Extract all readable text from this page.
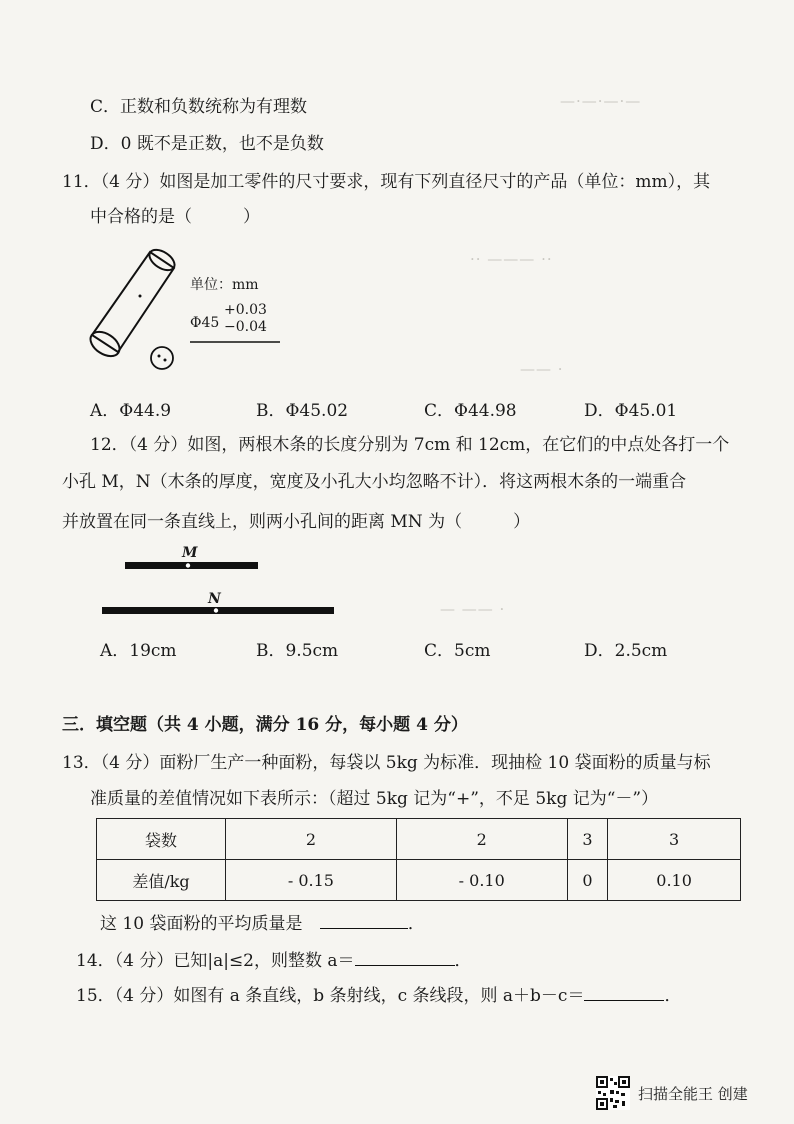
—·—·—·—
·· ——— ··
—— ·
— —— ·
C．正数和负数统称为有理数
D．0 既不是正数，也不是负数
11．（4 分）如图是加工零件的尺寸要求，现有下列直径尺寸的产品（单位：mm），其
中合格的是（　　　）
单位：mm
Φ45
+0.03
−0.04
A．Φ44.9	B．Φ45.02	C．Φ44.98	D．Φ45.01
12．（4 分）如图，两根木条的长度分别为 7cm 和 12cm，在它们的中点处各打一个
小孔 M，N（木条的厚度，宽度及小孔大小均忽略不计）．将这两根木条的一端重合
并放置在同一条直线上，则两小孔间的距离 MN 为（　　　）
M
N
A．19cm	B．9.5cm	C．5cm	D．2.5cm
三．填空题（共 4 小题，满分 16 分，每小题 4 分）
13．（4 分）面粉厂生产一种面粉，每袋以 5kg 为标准．现抽检 10 袋面粉的质量与标
准质量的差值情况如下表所示：（超过 5kg 记为“+”，不足 5kg 记为“－”）
袋数	2	2	3	3
差值/kg	- 0.15	- 0.10	0	0.10
这 10 袋面粉的平均质量是	．
14．（4 分）已知|a|≤2，则整数 a＝	．
15．（4 分）如图有 a 条直线，b 条射线，c 条线段，则 a＋b－c＝	．
扫描全能王 创建
